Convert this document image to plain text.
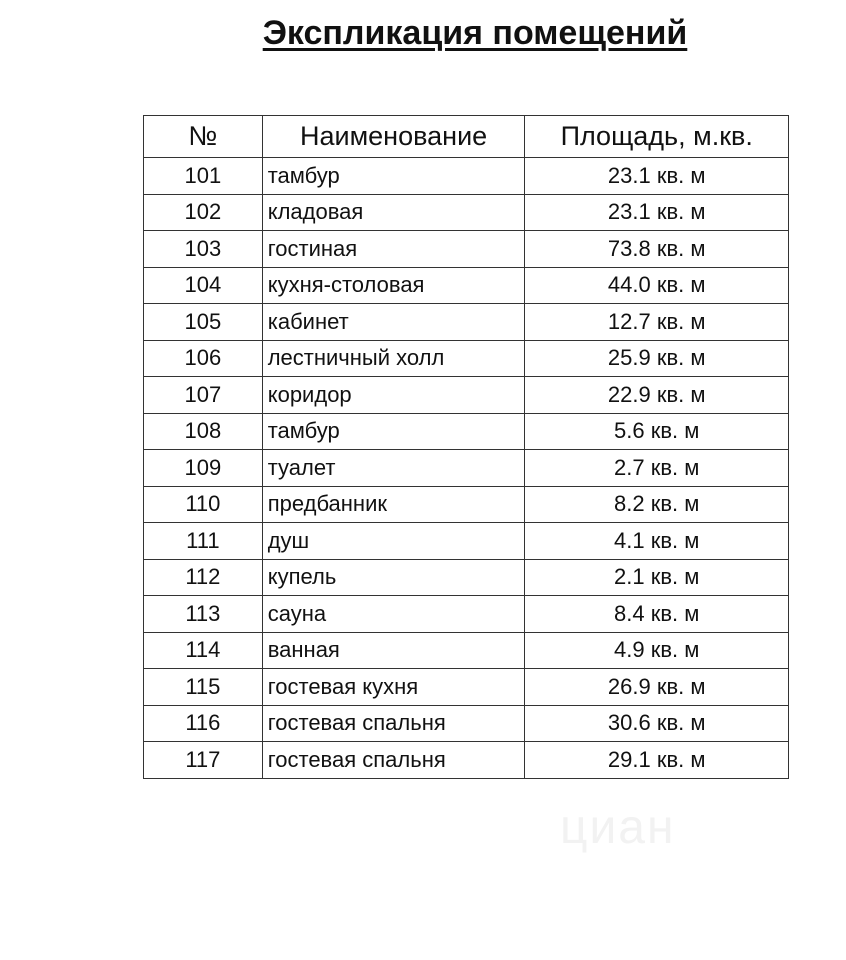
Экспликация помещений
№	Наименование	Площадь, м.кв.
101	тамбур	23.1 кв. м
102	кладовая	23.1 кв. м
103	гостиная	73.8 кв. м
104	кухня-столовая	44.0 кв. м
105	кабинет	12.7 кв. м
106	лестничный холл	25.9 кв. м
107	коридор	22.9 кв. м
108	тамбур	5.6 кв. м
109	туалет	2.7 кв. м
110	предбанник	8.2 кв. м
111	душ	4.1 кв. м
112	купель	2.1 кв. м
113	сауна	8.4 кв. м
114	ванная	4.9 кв. м
115	гостевая кухня	26.9 кв. м
116	гостевая спальня	30.6 кв. м
117	гостевая спальня	29.1 кв. м
циан
